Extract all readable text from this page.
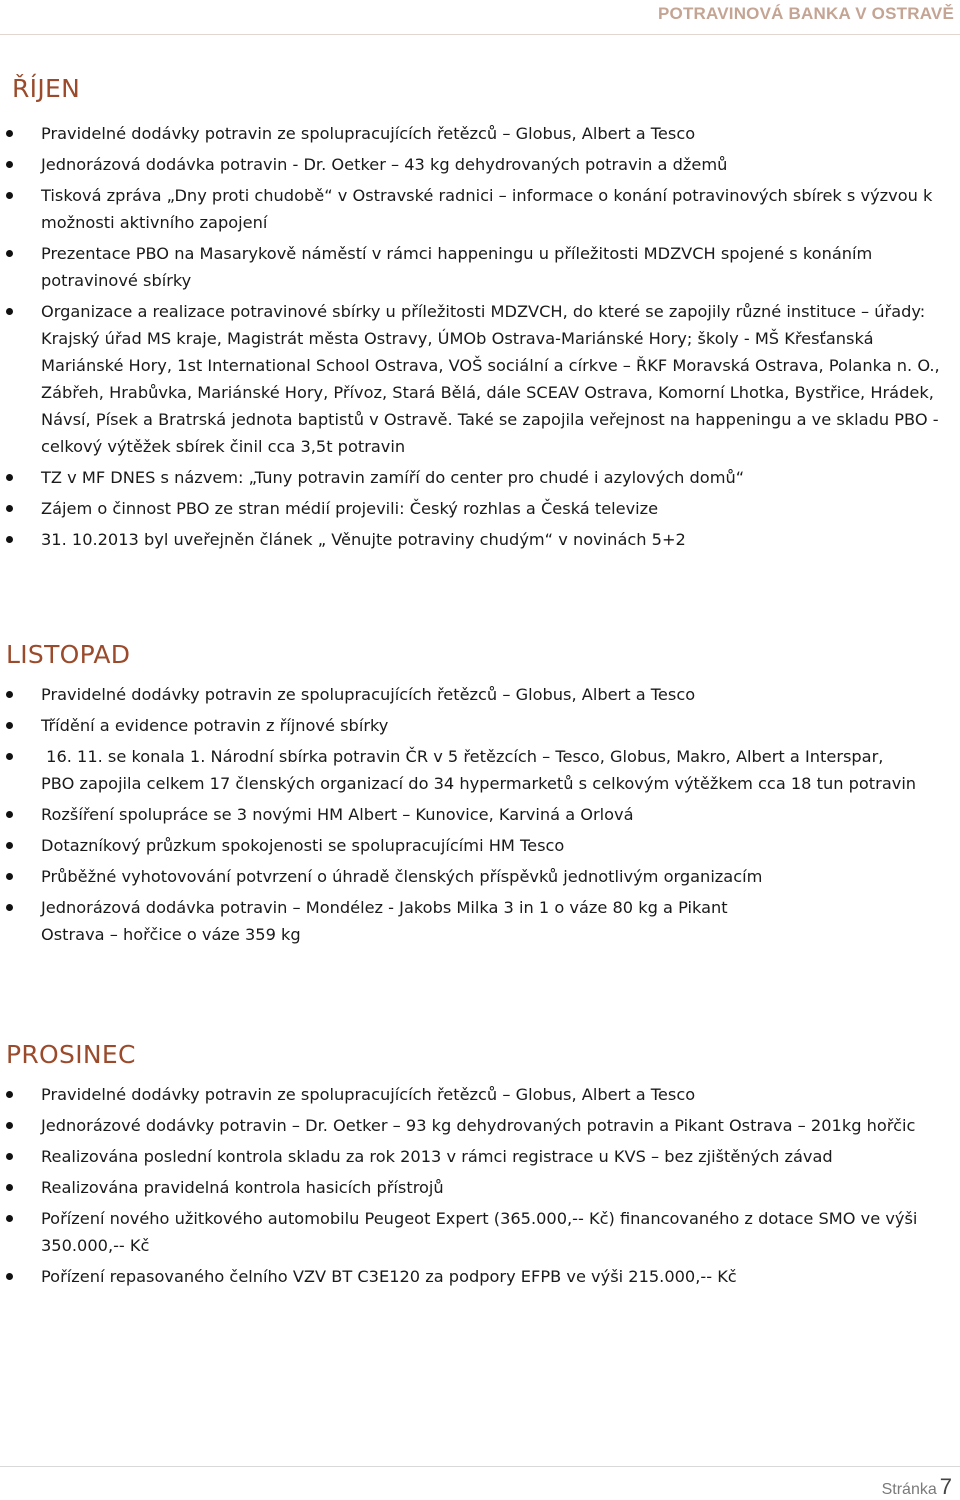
POTRAVINOVÁ BANKA V OSTRAVĚ
ŘÍJEN
Pravidelné dodávky potravin ze spolupracujících řetězců – Globus, Albert a Tesco
Jednorázová dodávka potravin - Dr. Oetker – 43 kg dehydrovaných potravin a džemů
Tisková zpráva „Dny proti chudobě“ v Ostravské radnici – informace o konání potravinových sbírek s výzvou k možnosti aktivního zapojení
Prezentace PBO na Masarykově náměstí v rámci happeningu u příležitosti MDZVCH spojené s konáním potravinové sbírky
Organizace a realizace potravinové sbírky u příležitosti MDZVCH, do které se zapojily různé instituce – úřady: Krajský úřad MS kraje, Magistrát města Ostravy, ÚMOb Ostrava-Mariánské Hory; školy - MŠ Křesťanská Mariánské Hory, 1st International School Ostrava, VOŠ sociální a církve – ŘKF Moravská Ostrava, Polanka n. O., Zábřeh, Hrabůvka, Mariánské Hory, Přívoz, Stará Bělá, dále SCEAV Ostrava, Komorní Lhotka, Bystřice, Hrádek, Návsí, Písek a Bratrská jednota baptistů v Ostravě. Také se zapojila veřejnost na happeningu a ve skladu PBO - celkový výtěžek sbírek činil cca 3,5t potravin
TZ v MF DNES s názvem: „Tuny potravin zamíří do center pro chudé i azylových domů“
Zájem o činnost PBO ze stran médií projevili: Český rozhlas a Česká televize
31. 10.2013 byl uveřejněn článek „ Věnujte potraviny chudým“ v novinách 5+2
LISTOPAD
Pravidelné dodávky potravin ze spolupracujících řetězců – Globus, Albert a Tesco
Třídění a evidence potravin z říjnové sbírky
16. 11. se konala 1. Národní sbírka potravin ČR v 5 řetězcích – Tesco, Globus, Makro, Albert a Interspar,       PBO zapojila celkem 17 členských organizací do 34 hypermarketů s celkovým výtěžkem cca 18 tun potravin
Rozšíření spolupráce se 3 novými HM Albert – Kunovice, Karviná a Orlová
Dotazníkový průzkum spokojenosti se spolupracujícími HM Tesco
Průběžné vyhotovování potvrzení o úhradě členských příspěvků jednotlivým organizacím
Jednorázová dodávka potravin – Mondélez - Jakobs Milka 3 in 1 o váze 80 kg a Pikant Ostrava – hořčice o váze 359 kg
PROSINEC
Pravidelné dodávky potravin ze spolupracujících řetězců – Globus, Albert a Tesco
Jednorázové dodávky potravin – Dr. Oetker – 93 kg dehydrovaných potravin a Pikant Ostrava – 201kg hořčic
Realizována poslední kontrola skladu za rok 2013 v rámci registrace u KVS – bez zjištěných závad
Realizována pravidelná kontrola hasicích přístrojů
Pořízení nového užitkového automobilu Peugeot Expert (365.000,-- Kč) financovaného z dotace SMO ve výši 350.000,-- Kč
Pořízení repasovaného čelního VZV BT C3E120 za podpory EFPB ve výši 215.000,-- Kč
Stránka 7
